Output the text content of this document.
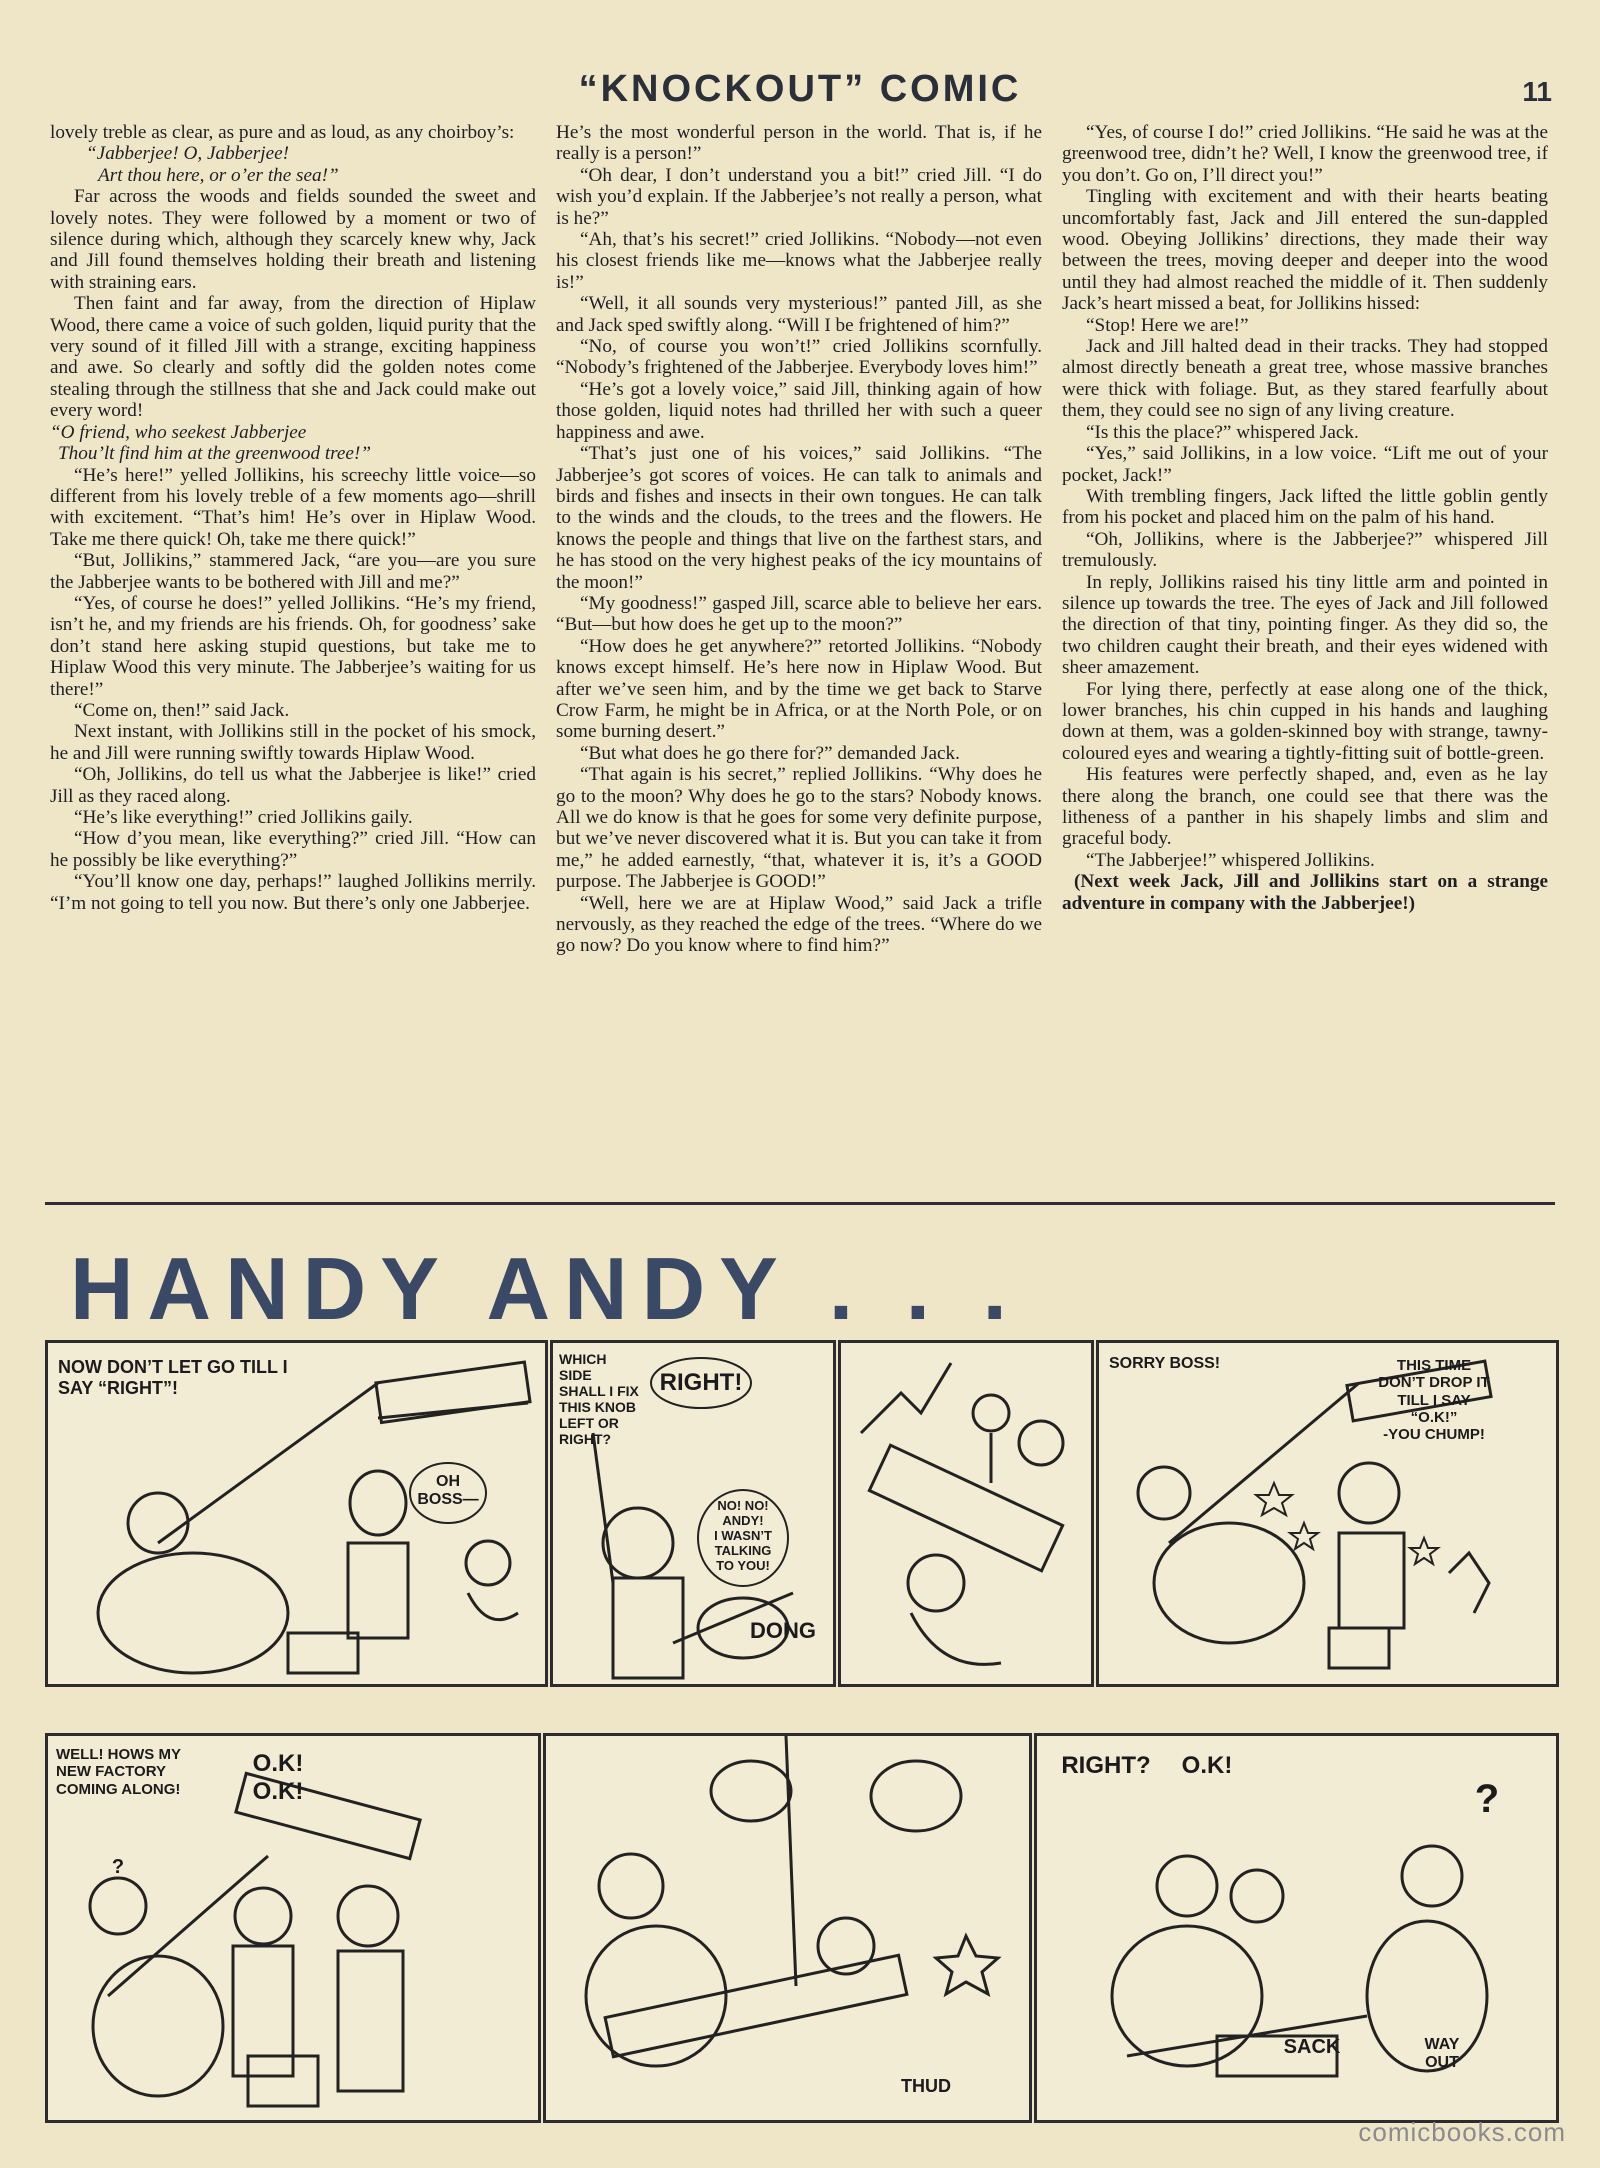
“KNOCKOUT” COMIC	11

lovely treble as clear, as pure and as loud, as any choirboy’s:

“Jabberjee! O, Jabberjee!

Art thou here, or o’er the sea!”

Far across the woods and fields sounded the sweet and lovely notes. They were followed by a moment or two of silence during which, although they scarcely knew why, Jack and Jill found themselves holding their breath and listening with straining ears.

Then faint and far away, from the direction of Hiplaw Wood, there came a voice of such golden, liquid purity that the very sound of it filled Jill with a strange, exciting happiness and awe. So clearly and softly did the golden notes come stealing through the stillness that she and Jack could make out every word!

“O friend, who seekest Jabberjee

Thou’lt find him at the greenwood tree!”

“He’s here!” yelled Jollikins, his screechy little voice—so different from his lovely treble of a few moments ago—shrill with excitement. “That’s him! He’s over in Hiplaw Wood. Take me there quick! Oh, take me there quick!”

“But, Jollikins,” stammered Jack, “are you—are you sure the Jabberjee wants to be bothered with Jill and me?”

“Yes, of course he does!” yelled Jollikins. “He’s my friend, isn’t he, and my friends are his friends. Oh, for goodness’ sake don’t stand here asking stupid questions, but take me to Hiplaw Wood this very minute. The Jabberjee’s waiting for us there!”

“Come on, then!” said Jack.

Next instant, with Jollikins still in the pocket of his smock, he and Jill were running swiftly towards Hiplaw Wood.

“Oh, Jollikins, do tell us what the Jabberjee is like!” cried Jill as they raced along.

“He’s like everything!” cried Jollikins gaily.

“How d’you mean, like everything?” cried Jill. “How can he possibly be like everything?”

“You’ll know one day, perhaps!” laughed Jollikins merrily. “I’m not going to tell you now. But there’s only one Jabberjee.

He’s the most wonderful person in the world. That is, if he really is a person!”

“Oh dear, I don’t understand you a bit!” cried Jill. “I do wish you’d explain. If the Jabberjee’s not really a person, what is he?”

“Ah, that’s his secret!” cried Jollikins. “Nobody—not even his closest friends like me—knows what the Jabberjee really is!”

“Well, it all sounds very mysterious!” panted Jill, as she and Jack sped swiftly along. “Will I be frightened of him?”

“No, of course you won’t!” cried Jollikins scornfully. “Nobody’s frightened of the Jabberjee. Everybody loves him!”

“He’s got a lovely voice,” said Jill, thinking again of how those golden, liquid notes had thrilled her with such a queer happiness and awe.

“That’s just one of his voices,” said Jollikins. “The Jabberjee’s got scores of voices. He can talk to animals and birds and fishes and insects in their own tongues. He can talk to the winds and the clouds, to the trees and the flowers. He knows the people and things that live on the farthest stars, and he has stood on the very highest peaks of the icy mountains of the moon!”

“My goodness!” gasped Jill, scarce able to believe her ears. “But—but how does he get up to the moon?”

“How does he get anywhere?” retorted Jollikins. “Nobody knows except himself. He’s here now in Hiplaw Wood. But after we’ve seen him, and by the time we get back to Starve Crow Farm, he might be in Africa, or at the North Pole, or on some burning desert.”

“But what does he go there for?” demanded Jack.

“That again is his secret,” replied Jollikins. “Why does he go to the moon? Why does he go to the stars? Nobody knows. All we do know is that he goes for some very definite purpose, but we’ve never discovered what it is. But you can take it from me,” he added earnestly, “that, whatever it is, it’s a GOOD purpose. The Jabberjee is GOOD!”

“Well, here we are at Hiplaw Wood,” said Jack a trifle nervously, as they reached the edge of the trees. “Where do we go now? Do you know where to find him?”

“Yes, of course I do!” cried Jollikins. “He said he was at the greenwood tree, didn’t he? Well, I know the greenwood tree, if you don’t. Go on, I’ll direct you!”

Tingling with excitement and with their hearts beating uncomfortably fast, Jack and Jill entered the sun-dappled wood. Obeying Jollikins’ directions, they made their way between the trees, moving deeper and deeper into the wood until they had almost reached the middle of it. Then suddenly Jack’s heart missed a beat, for Jollikins hissed:

“Stop! Here we are!”

Jack and Jill halted dead in their tracks. They had stopped almost directly beneath a great tree, whose massive branches were thick with foliage. But, as they stared fearfully about them, they could see no sign of any living creature.

“Is this the place?” whispered Jack.

“Yes,” said Jollikins, in a low voice. “Lift me out of your pocket, Jack!”

With trembling fingers, Jack lifted the little goblin gently from his pocket and placed him on the palm of his hand.

“Oh, Jollikins, where is the Jabberjee?” whispered Jill tremulously.

In reply, Jollikins raised his tiny little arm and pointed in silence up towards the tree. The eyes of Jack and Jill followed the direction of that tiny, pointing finger. As they did so, the two children caught their breath, and their eyes widened with sheer amazement.

For lying there, perfectly at ease along one of the thick, lower branches, his chin cupped in his hands and laughing down at them, was a golden-skinned boy with strange, tawny-coloured eyes and wearing a tightly-fitting suit of bottle-green.

His features were perfectly shaped, and, even as he lay there along the branch, one could see that there was the litheness of a panther in his shapely limbs and slim and graceful body.

“The Jabberjee!” whispered Jollikins.

(Next week Jack, Jill and Jollikins start on a strange adventure in company with the Jabberjee!)

HANDY ANDY . . .
NOW DON’T LET GO TILL I
SAY “RIGHT”!
OH
BOSS—
WHICH SIDE
SHALL I FIX
THIS KNOB
LEFT OR
RIGHT?
RIGHT!
NO! NO!
ANDY!
I WASN’T
TALKING
TO YOU!
DONG
SORRY BOSS!	THIS TIME
DON’T DROP IT
TILL I SAY
“O.K!”
-YOU CHUMP!
WELL! HOWS MY
NEW FACTORY
COMING ALONG!
O.K!
O.K!
?
THUD
RIGHT?	O.K!
?
SACK	WAY
OUT
comicbooks.com
